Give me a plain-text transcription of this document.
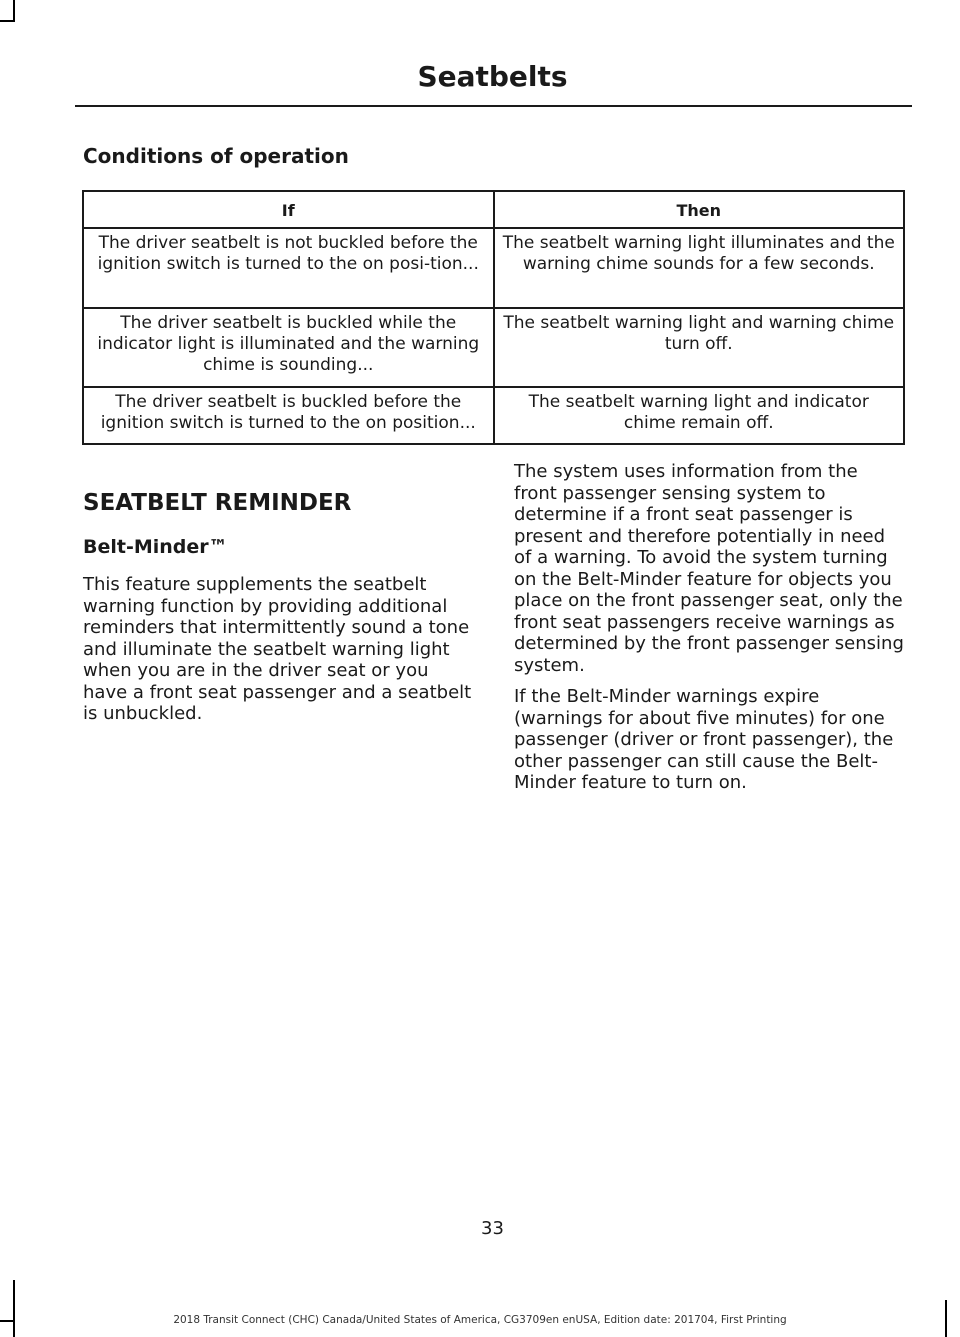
Seatbelts
Conditions of operation
If	Then
The driver seatbelt is not buckled before the ignition switch is turned to the on posi-tion...	The seatbelt warning light illuminates and the warning chime sounds for a few seconds.
The driver seatbelt is buckled while the indicator light is illuminated and the warning chime is sounding...	The seatbelt warning light and warning chime turn off.
The driver seatbelt is buckled before the ignition switch is turned to the on position...	The seatbelt warning light and indicator chime remain off.
SEATBELT REMINDER
Belt-Minder™

This feature supplements the seatbelt warning function by providing additional reminders that intermittently sound a tone and illuminate the seatbelt warning light when you are in the driver seat or you have a front seat passenger and a seatbelt is unbuckled.

The system uses information from the front passenger sensing system to determine if a front seat passenger is present and therefore potentially in need of a warning. To avoid the system turning on the Belt-Minder feature for objects you place on the front passenger seat, only the front seat passengers receive warnings as determined by the front passenger sensing system.

If the Belt-Minder warnings expire (warnings for about five minutes) for one passenger (driver or front passenger), the other passenger can still cause the Belt-Minder feature to turn on.

33
2018 Transit Connect (CHC) Canada/United States of America, CG3709en enUSA, Edition date: 201704, First Printing
